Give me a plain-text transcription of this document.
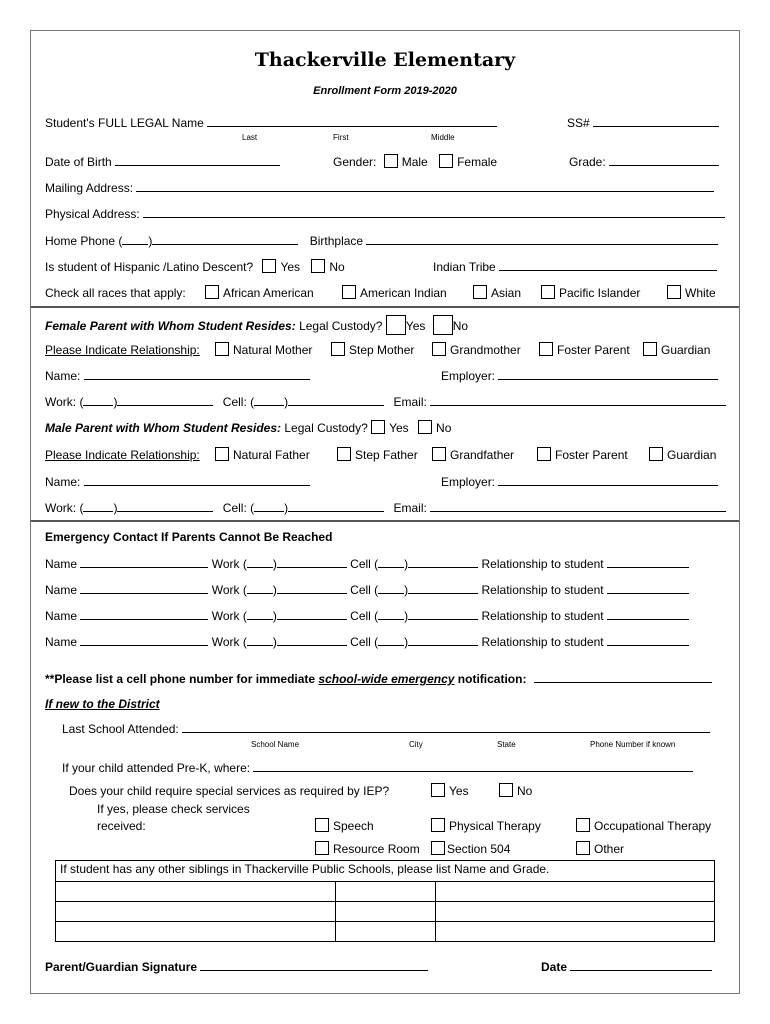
Thackerville Elementary
Enrollment Form 2019-2020
Student's FULL LEGAL Name	SS#
Last	First	Middle
Date of Birth	Gender: Male Female	Grade:
Mailing Address:
Physical Address:
Home Phone ( )	Birthplace
Is student of Hispanic /Latino Descent? Yes No	Indian Tribe
Check all races that apply:	African American	American Indian	Asian	Pacific Islander	White
Female Parent with Whom Student Resides: Legal Custody? Yes No
Please Indicate Relationship:	Natural Mother	Step Mother	Grandmother	Foster Parent	Guardian
Name:	Employer:
Work: (	)	Cell: (	)	Email:
Male Parent with Whom Student Resides: Legal Custody? Yes No
Please Indicate Relationship:	Natural Father	Step Father	Grandfather	Foster Parent	Guardian
Name:	Employer:
Work: (	)	Cell: (	)	Email:
Emergency Contact If Parents Cannot Be Reached
Name	Work ( )	Cell ( )	Relationship to student
Name	Work ( )	Cell ( )	Relationship to student
Name	Work ( )	Cell ( )	Relationship to student
Name	Work ( )	Cell ( )	Relationship to student
**Please list a cell phone number for immediate school-wide emergency notification:
If new to the District
Last School Attended:
School Name	City	State	Phone Number if known
If your child attended Pre-K, where:
Does your child require special services as required by IEP?	Yes	No
If yes, please check services
received:	Speech	Physical Therapy	Occupational Therapy
Resource Room	Section 504	Other
If student has any other siblings in Thackerville Public Schools, please list Name and Grade.		

Parent/Guardian Signature	Date
